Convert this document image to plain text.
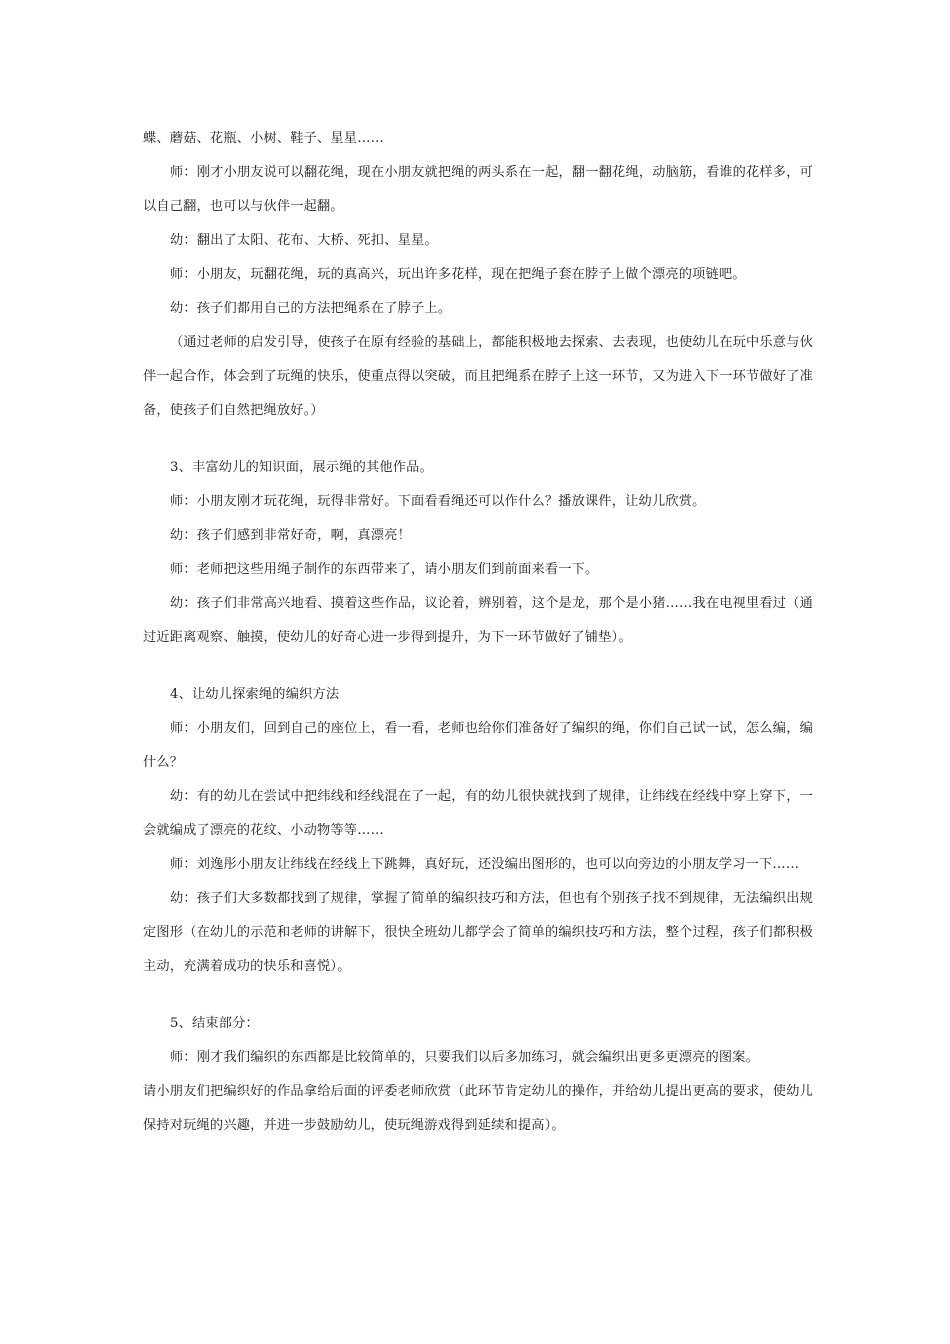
蝶、蘑菇、花瓶、小树、鞋子、星星……

师：刚才小朋友说可以翻花绳，现在小朋友就把绳的两头系在一起，翻一翻花绳，动脑筋，看谁的花样多，可以自己翻，也可以与伙伴一起翻。

幼：翻出了太阳、花布、大桥、死扣、星星。

师：小朋友，玩翻花绳，玩的真高兴，玩出许多花样，现在把绳子套在脖子上做个漂亮的项链吧。

幼：孩子们都用自己的方法把绳系在了脖子上。

（通过老师的启发引导，使孩子在原有经验的基础上，都能积极地去探索、去表现，也使幼儿在玩中乐意与伙伴一起合作，体会到了玩绳的快乐，使重点得以突破，而且把绳系在脖子上这一环节，又为进入下一环节做好了准备，使孩子们自然把绳放好。）

3、丰富幼儿的知识面，展示绳的其他作品。

师：小朋友刚才玩花绳，玩得非常好。下面看看绳还可以作什么？播放课件，让幼儿欣赏。

幼：孩子们感到非常好奇，啊，真漂亮！

师：老师把这些用绳子制作的东西带来了，请小朋友们到前面来看一下。

幼：孩子们非常高兴地看、摸着这些作品，议论着，辨别着，这个是龙，那个是小猪……我在电视里看过（通过近距离观察、触摸，使幼儿的好奇心进一步得到提升，为下一环节做好了铺垫）。

4、让幼儿探索绳的编织方法

师：小朋友们，回到自己的座位上，看一看，老师也给你们准备好了编织的绳，你们自己试一试，怎么编，编什么？

幼：有的幼儿在尝试中把纬线和经线混在了一起，有的幼儿很快就找到了规律，让纬线在经线中穿上穿下，一会就编成了漂亮的花纹、小动物等等……

师：刘逸彤小朋友让纬线在经线上下跳舞，真好玩，还没编出图形的，也可以向旁边的小朋友学习一下……

幼：孩子们大多数都找到了规律，掌握了简单的编织技巧和方法，但也有个别孩子找不到规律，无法编织出规定图形（在幼儿的示范和老师的讲解下，很快全班幼儿都学会了简单的编织技巧和方法，整个过程，孩子们都积极主动，充满着成功的快乐和喜悦）。

5、结束部分：

师：刚才我们编织的东西都是比较简单的，只要我们以后多加练习，就会编织出更多更漂亮的图案。

请小朋友们把编织好的作品拿给后面的评委老师欣赏（此环节肯定幼儿的操作，并给幼儿提出更高的要求，使幼儿保持对玩绳的兴趣，并进一步鼓励幼儿，使玩绳游戏得到延续和提高）。
